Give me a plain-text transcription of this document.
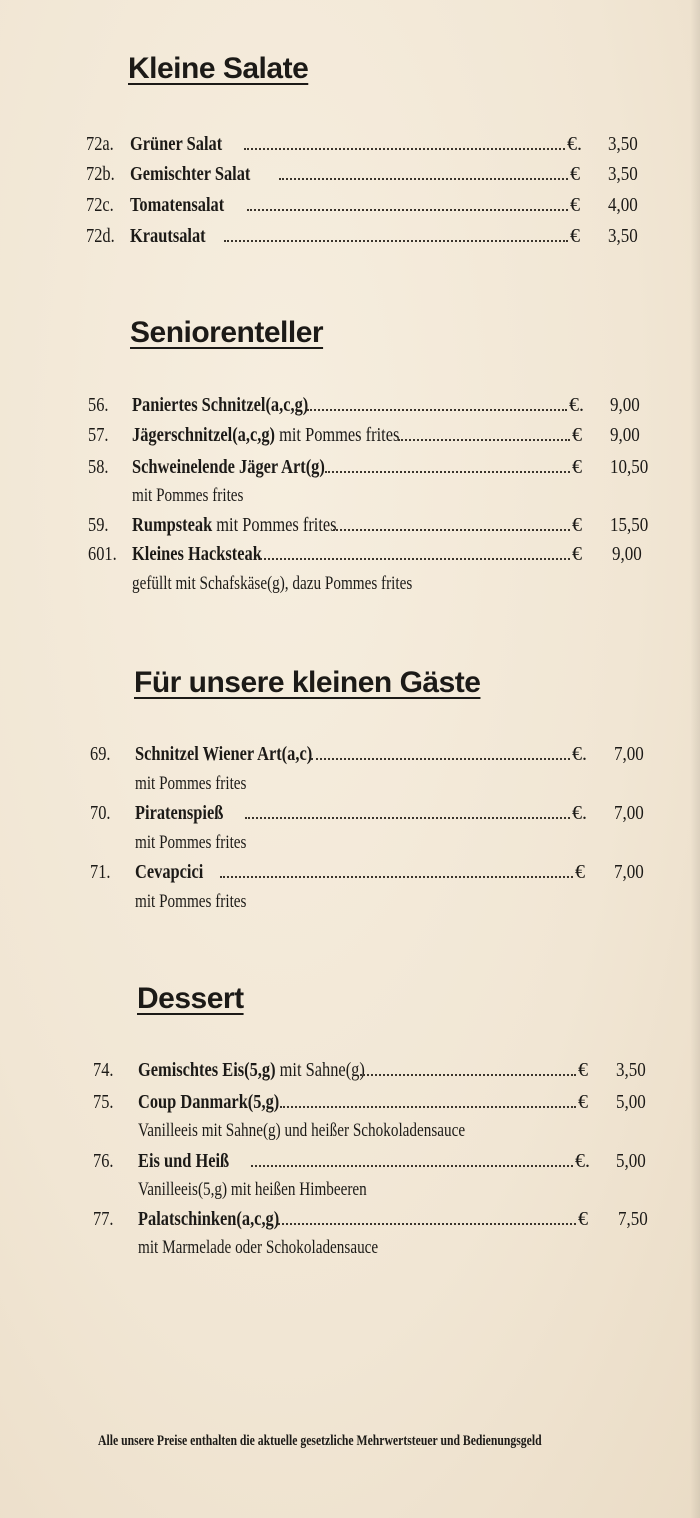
Kleine Salate
72a. Grüner Salat	€. 3,50
72b. Gemischter Salat	€ 3,50
72c. Tomatensalat	€ 4,00
72d. Krautsalat	€ 3,50
Seniorenteller
56. Paniertes Schnitzel(a,c,g)	€. 9,00
57. Jägerschnitzel(a,c,g) mit Pommes frites	€ 9,00
58. Schweinelende Jäger Art(g)	€ 10,50
mit Pommes frites
59. Rumpsteak mit Pommes frites	€ 15,50
601. Kleines Hacksteak	€ 9,00
gefüllt mit Schafskäse(g), dazu Pommes frites
Für unsere kleinen Gäste
69. Schnitzel Wiener Art(a,c)	€. 7,00
mit Pommes frites
70. Piratenspieß	€. 7,00
mit Pommes frites
71. Cevapcici	€ 7,00
mit Pommes frites
Dessert
74. Gemischtes Eis(5,g) mit Sahne(g)	€ 3,50
75. Coup Danmark(5,g)	€ 5,00
Vanilleeis mit Sahne(g) und heißer Schokoladensauce
76. Eis und Heiß	€. 5,00
Vanilleeis(5,g) mit heißen Himbeeren
77. Palatschinken(a,c,g)	€ 7,50
mit Marmelade oder Schokoladensauce
Alle unsere Preise enthalten die aktuelle gesetzliche Mehrwertsteuer und Bedienungsgeld
